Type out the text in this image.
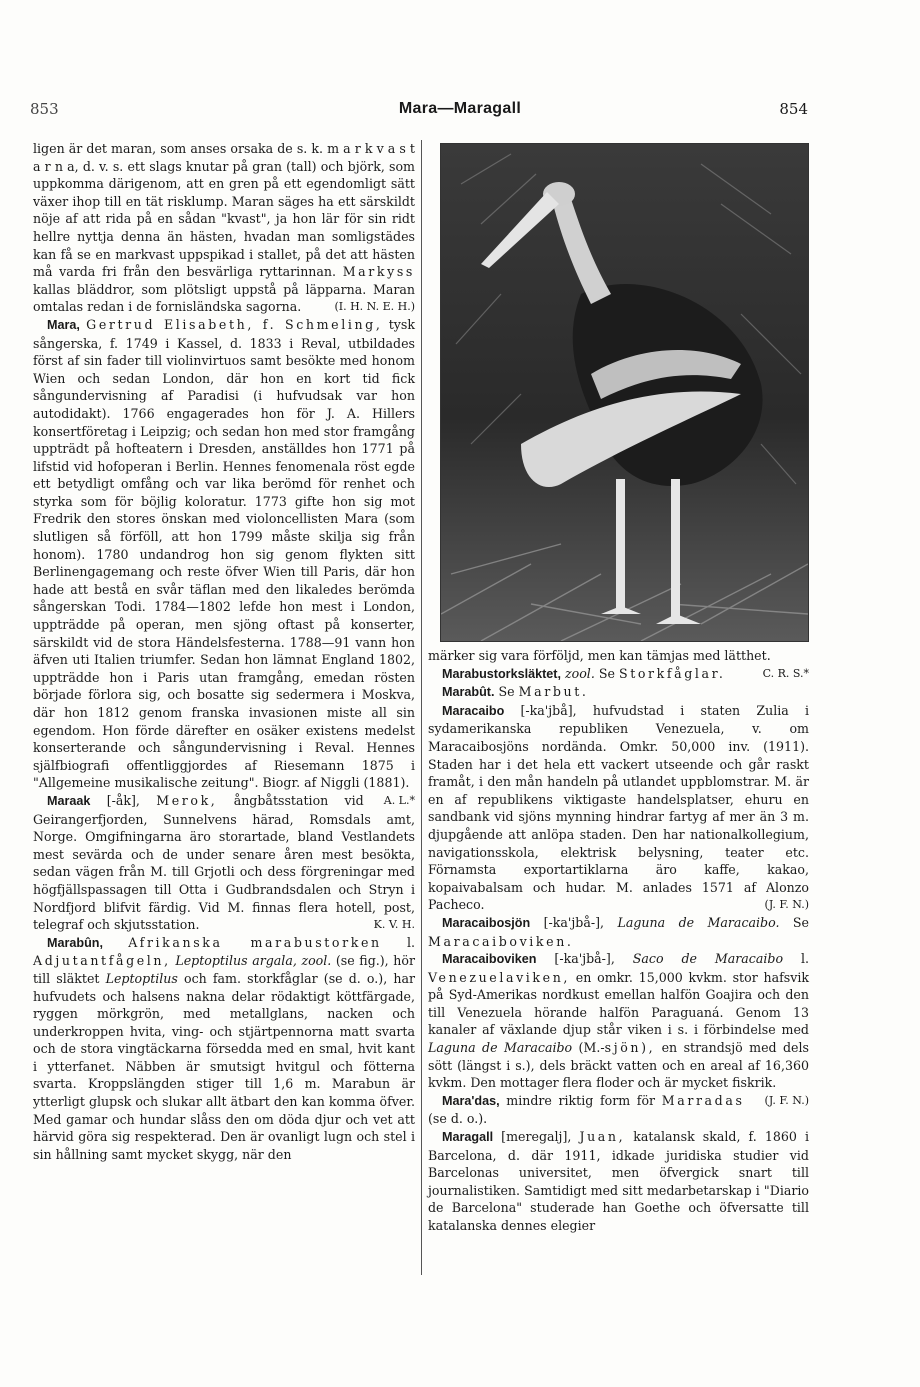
853	Mara—Maragall	854

ligen är det maran, som anses orsaka de s. k. m a r k v a s t a r n a, d. v. s. ett slags knutar på gran (tall) och björk, som uppkomma därigenom, att en gren på ett egendomligt sätt växer ihop till en tät risklump. Maran säges ha ett särskildt nöje af att rida på en sådan "kvast", ja hon lär för sin ridt hellre nyttja denna än hästen, hvadan man somligstädes kan få se en markvast uppspikad i stallet, på det att hästen må varda fri från den besvärliga ryttarinnan. Markyss kallas bläddror, som plötsligt uppstå på läpparna. Maran omtalas redan i de fornisländska sagorna.	(I. H. N. E. H.)

Mara, Gertrud Elisabeth, f. Schmeling, tysk sångerska, f. 1749 i Kassel, d. 1833 i Reval, utbildades först af sin fader till violinvirtuos samt besökte med honom Wien och sedan London, där hon en kort tid fick sångundervisning af Paradisi (i hufvudsak var hon autodidakt). 1766 engagerades hon för J. A. Hillers konsertföretag i Leipzig; och sedan hon med stor framgång uppträdt på hofteatern i Dresden, anställdes hon 1771 på lifstid vid hofoperan i Berlin. Hennes fenomenala röst egde ett betydligt omfång och var lika berömd för renhet och styrka som för böjlig koloratur. 1773 gifte hon sig mot Fredrik den stores önskan med violoncellisten Mara (som slutligen så förföll, att hon 1799 måste skilja sig från honom). 1780 undandrog hon sig genom flykten sitt Berlinengagemang och reste öfver Wien till Paris, där hon hade att bestå en svår täflan med den likaledes berömda sångerskan Todi. 1784—1802 lefde hon mest i London, uppträdde på operan, men sjöng oftast på konserter, särskildt vid de stora Händelsfesterna. 1788—91 vann hon äfven uti Italien triumfer. Sedan hon lämnat England 1802, uppträdde hon i Paris utan framgång, emedan rösten började förlora sig, och bosatte sig sedermera i Moskva, där hon 1812 genom franska invasionen miste all sin egendom. Hon förde därefter en osäker existens medelst konserterande och sångundervisning i Reval. Hennes själfbiografi offentliggjordes af Riesemann 1875 i "Allgemeine musikalische zeitung". Biogr. af Niggli (1881).
A. L.*

Maraak [-åk], Merok, ångbåtsstation vid Geirangerfjorden, Sunnelvens härad, Romsdals amt, Norge. Omgifningarna äro storartade, bland Vestlandets mest sevärda och de under senare åren mest besökta, sedan vägen från M. till Grjotli och dess förgreningar med högfjällspassagen till Otta i Gudbrandsdalen och Stryn i Nordfjord blifvit färdig. Vid M. finnas flera hotell, post, telegraf och skjutsstation.	K. V. H.

Marabûn, Afrikanska marabustorken l. Adjutantfågeln, Leptoptilus argala, zool. (se fig.), hör till släktet Leptoptilus och fam. storkfåglar (se d. o.), har hufvudets och halsens nakna delar rödaktigt köttfärgade, ryggen mörkgrön, med metallglans, nacken och underkroppen hvita, ving- och stjärtpennorna matt svarta och de stora vingtäckarna försedda med en smal, hvit kant i ytterfanet. Näbben är smutsigt hvitgul och fötterna svarta. Kroppslängden stiger till 1,6 m. Marabun är ytterligt glupsk och slukar allt ätbart den kan komma öfver. Med gamar och hundar slåss den om döda djur och vet att härvid göra sig respekterad. Den är ovanligt lugn och stel i sin hållning samt mycket skygg, när den

märker sig vara förföljd, men kan tämjas med lätthet.
C. R. S.*

Marabustorksläktet, zool. Se Storkfåglar.

Marabût. Se Marbut.

Maracaibo [-ka'jbå], hufvudstad i staten Zulia i sydamerikanska republiken Venezuela, v. om Maracaibosjöns nordända. Omkr. 50,000 inv. (1911). Staden har i det hela ett vackert utseende och går raskt framåt, i den mån handeln på utlandet uppblomstrar. M. är en af republikens viktigaste handelsplatser, ehuru en sandbank vid sjöns mynning hindrar fartyg af mer än 3 m. djupgående att anlöpa staden. Den har nationalkollegium, navigationsskola, elektrisk belysning, teater etc. Förnamsta exportartiklarna äro kaffe, kakao, kopaivabalsam och hudar. M. anlades 1571 af Alonzo Pacheco.	(J. F. N.)

Maracaibosjön [-ka'jbå-], Laguna de Maracaibo. Se Maracaiboviken.

Maracaiboviken [-ka'jbå-], Saco de Maracaibo l. Venezuelaviken, en omkr. 15,000 kvkm. stor hafsvik på Syd-Amerikas nordkust emellan halfön Goajira och den till Venezuela hörande halfön Paraguaná. Genom 13 kanaler af växlande djup står viken i s. i förbindelse med Laguna de Maracaibo (M.-sjön), en strandsjö med dels sött (längst i s.), dels bräckt vatten och en areal af 16,360 kvkm. Den mottager flera floder och är mycket fiskrik.
(J. F. N.)

Mara'das, mindre riktig form för Marradas (se d. o.).

Maragall [meregalj], Juan, katalansk skald, f. 1860 i Barcelona, d. där 1911, idkade juridiska studier vid Barcelonas universitet, men öfvergick snart till journalistiken. Samtidigt med sitt medarbetarskap i "Diario de Barcelona" studerade han Goethe och öfversatte till katalanska dennes elegier
